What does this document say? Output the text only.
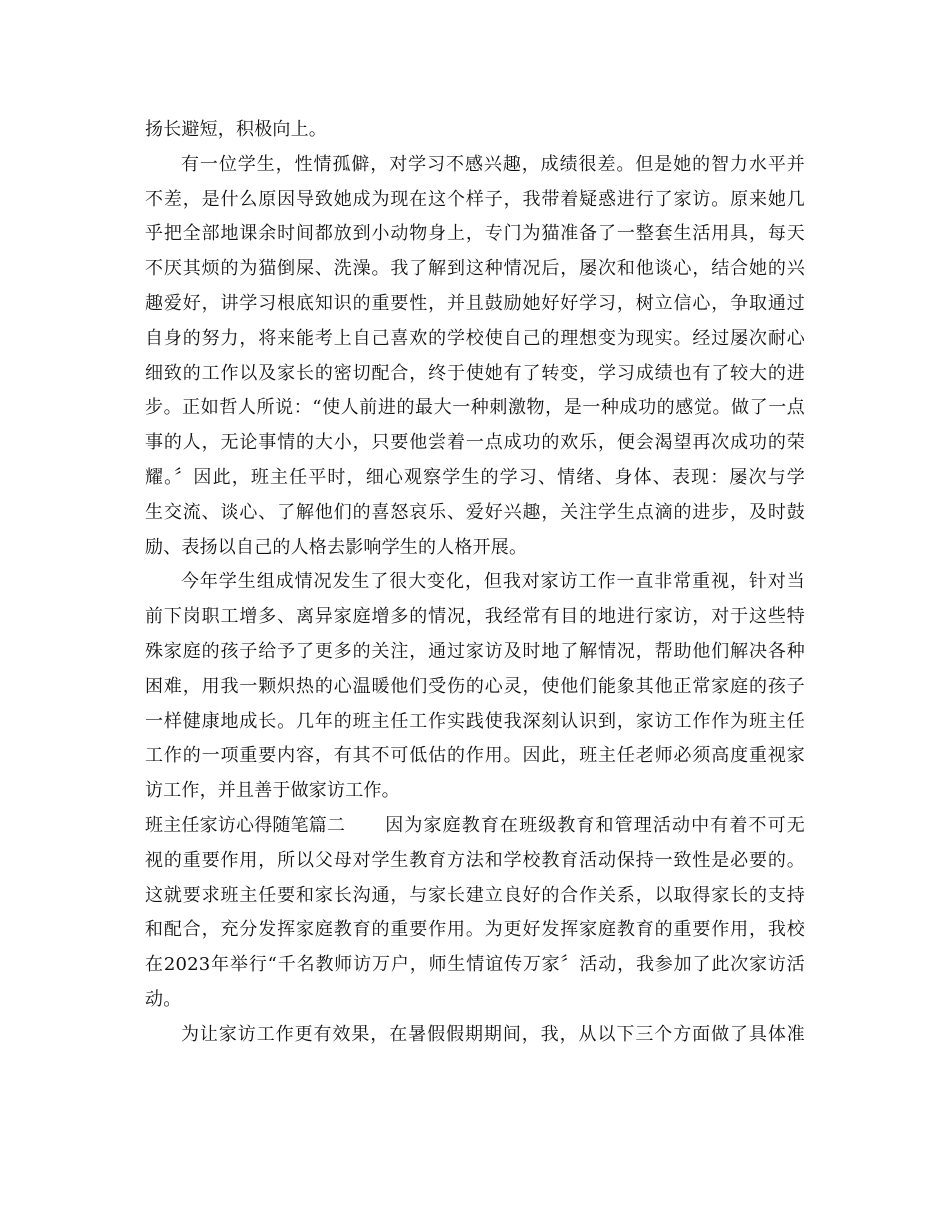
扬长避短，积极向上。
有一位学生，性情孤僻，对学习不感兴趣，成绩很差。但是她的智力水平并
不差，是什么原因导致她成为现在这个样子，我带着疑惑进行了家访。原来她几
乎把全部地课余时间都放到小动物身上，专门为猫准备了一整套生活用具，每天
不厌其烦的为猫倒屎、洗澡。我了解到这种情况后，屡次和他谈心，结合她的兴
趣爱好，讲学习根底知识的重要性，并且鼓励她好好学习，树立信心，争取通过
自身的努力，将来能考上自己喜欢的学校使自己的理想变为现实。经过屡次耐心
细致的工作以及家长的密切配合，终于使她有了转变，学习成绩也有了较大的进
步。正如哲人所说：“使人前进的最大一种刺激物，是一种成功的感觉。做了一点
事的人，无论事情的大小，只要他尝着一点成功的欢乐，便会渴望再次成功的荣
耀。〞因此，班主任平时，细心观察学生的学习、情绪、身体、表现：屡次与学
生交流、谈心、了解他们的喜怒哀乐、爱好兴趣，关注学生点滴的进步，及时鼓
励、表扬以自己的人格去影响学生的人格开展。
今年学生组成情况发生了很大变化，但我对家访工作一直非常重视，针对当
前下岗职工增多、离异家庭增多的情况，我经常有目的地进行家访，对于这些特
殊家庭的孩子给予了更多的关注，通过家访及时地了解情况，帮助他们解决各种
困难，用我一颗炽热的心温暖他们受伤的心灵，使他们能象其他正常家庭的孩子
一样健康地成长。几年的班主任工作实践使我深刻认识到，家访工作作为班主任
工作的一项重要内容，有其不可低估的作用。因此，班主任老师必须高度重视家
访工作，并且善于做家访工作。
班主任家访心得随笔篇二	因为家庭教育在班级教育和管理活动中有着不可无
视的重要作用，所以父母对学生教育方法和学校教育活动保持一致性是必要的。
这就要求班主任要和家长沟通，与家长建立良好的合作关系，以取得家长的支持
和配合，充分发挥家庭教育的重要作用。为更好发挥家庭教育的重要作用，我校
在2023年举行“千名教师访万户，师生情谊传万家〞活动，我参加了此次家访活
动。
为让家访工作更有效果，在暑假假期期间，我，从以下三个方面做了具体准
